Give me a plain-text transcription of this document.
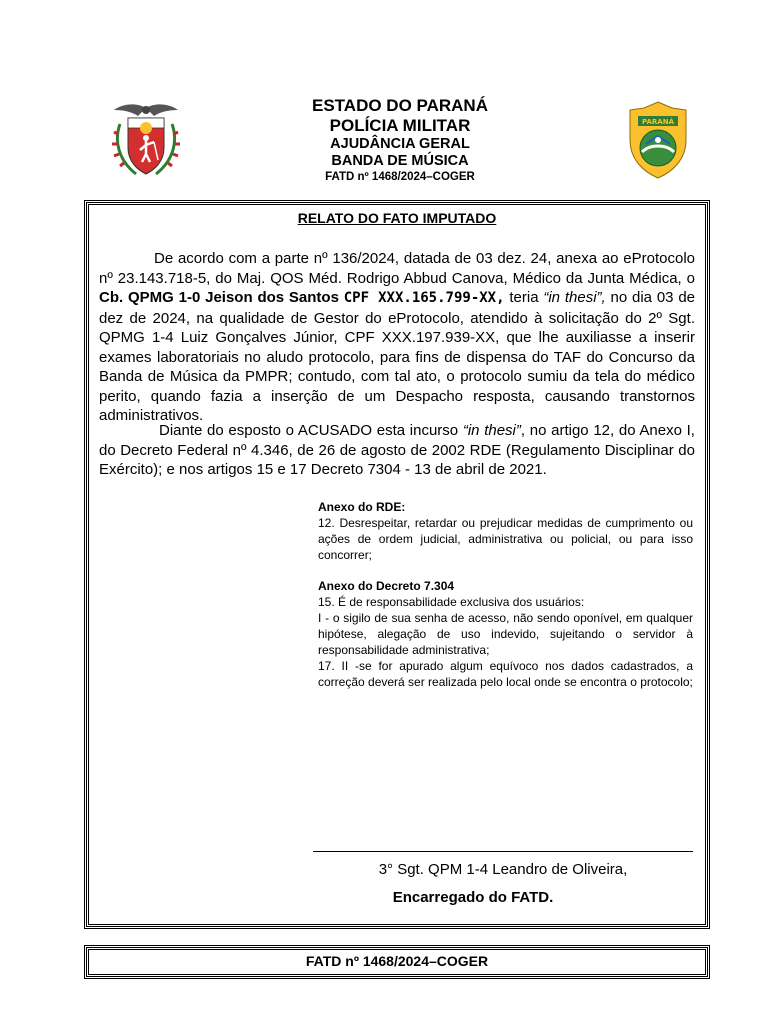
ESTADO DO PARANÁ
POLÍCIA MILITAR
AJUDÂNCIA GERAL
BANDA DE MÚSICA
FATD nº 1468/2024–COGER
PARANÁ
RELATO DO FATO IMPUTADO
De acordo com a parte nº 136/2024, datada de 03 dez. 24, anexa ao eProtocolo nº 23.143.718-5, do Maj. QOS Méd. Rodrigo Abbud Canova, Médico da Junta Médica, o Cb. QPMG 1-0 Jeison dos Santos CPF XXX.165.799-XX, teria “in thesi”, no dia 03 de dez de 2024, na qualidade de Gestor do eProtocolo, atendido à solicitação do 2º Sgt. QPMG 1-4 Luiz Gonçalves Júnior, CPF XXX.197.939-XX, que lhe auxiliasse a inserir exames laboratoriais no aludo protocolo, para fins de dispensa do TAF do Concurso da Banda de Música da PMPR; contudo, com tal ato, o protocolo sumiu da tela do médico perito, quando fazia a inserção de um Despacho resposta, causando transtornos administrativos.
Diante do esposto o ACUSADO esta incurso “in thesi”, no artigo 12, do Anexo I, do Decreto Federal nº 4.346, de 26 de agosto de 2002 RDE (Regulamento Disciplinar do Exército); e nos artigos 15 e 17 Decreto 7304 - 13 de abril de 2021.
Anexo do RDE:
12. Desrespeitar, retardar ou prejudicar medidas de cumprimento ou ações de ordem judicial, administrativa ou policial, ou para isso concorrer;
Anexo do Decreto 7.304
15. É de responsabilidade exclusiva dos usuários:
I - o sigilo de sua senha de acesso, não sendo oponível, em qualquer hipótese, alegação de uso indevido, sujeitando o servidor à responsabilidade administrativa;
17. II -se for apurado algum equívoco nos dados cadastrados, a correção deverá ser realizada pelo local onde se encontra o protocolo;
3° Sgt. QPM 1-4 Leandro de Oliveira,
Encarregado do FATD.
FATD nº 1468/2024–COGER
